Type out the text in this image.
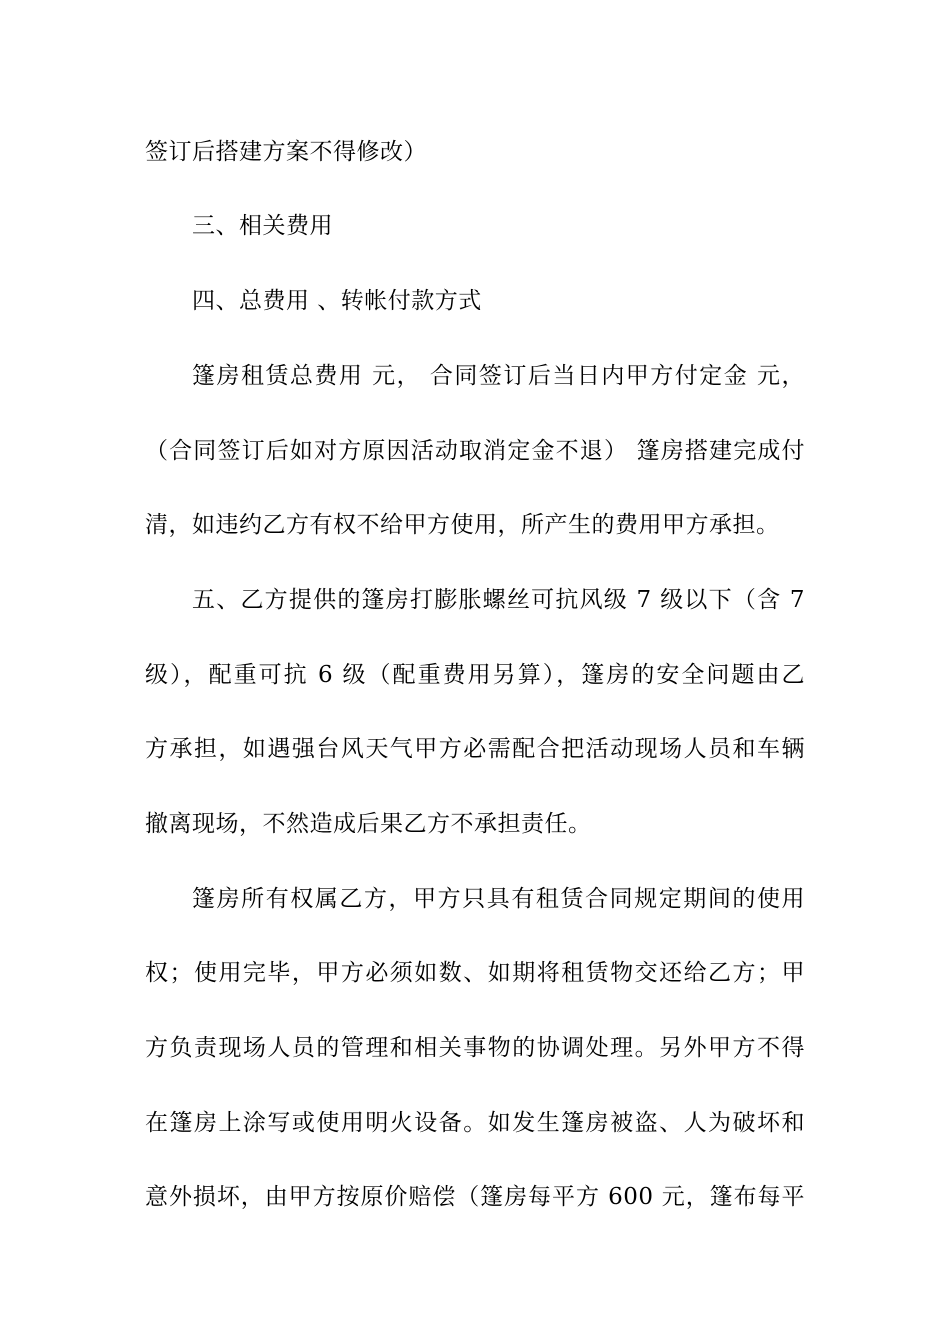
签订后搭建方案不得修改）
三、相关费用
四、总费用 、转帐付款方式
篷房租赁总费用 元， 合同签订后当日内甲方付定金 元，
（合同签订后如对方原因活动取消定金不退） 篷房搭建完成付
清，如违约乙方有权不给甲方使用，所产生的费用甲方承担。
五、乙方提供的篷房打膨胀螺丝可抗风级 7 级以下（含 7
级），配重可抗 6 级（配重费用另算），篷房的安全问题由乙
方承担，如遇强台风天气甲方必需配合把活动现场人员和车辆
撤离现场，不然造成后果乙方不承担责任。
篷房所有权属乙方，甲方只具有租赁合同规定期间的使用
权；使用完毕，甲方必须如数、如期将租赁物交还给乙方；甲
方负责现场人员的管理和相关事物的协调处理。另外甲方不得
在篷房上涂写或使用明火设备。如发生篷房被盗、人为破坏和
意外损坏，由甲方按原价赔偿（篷房每平方 600 元，篷布每平
